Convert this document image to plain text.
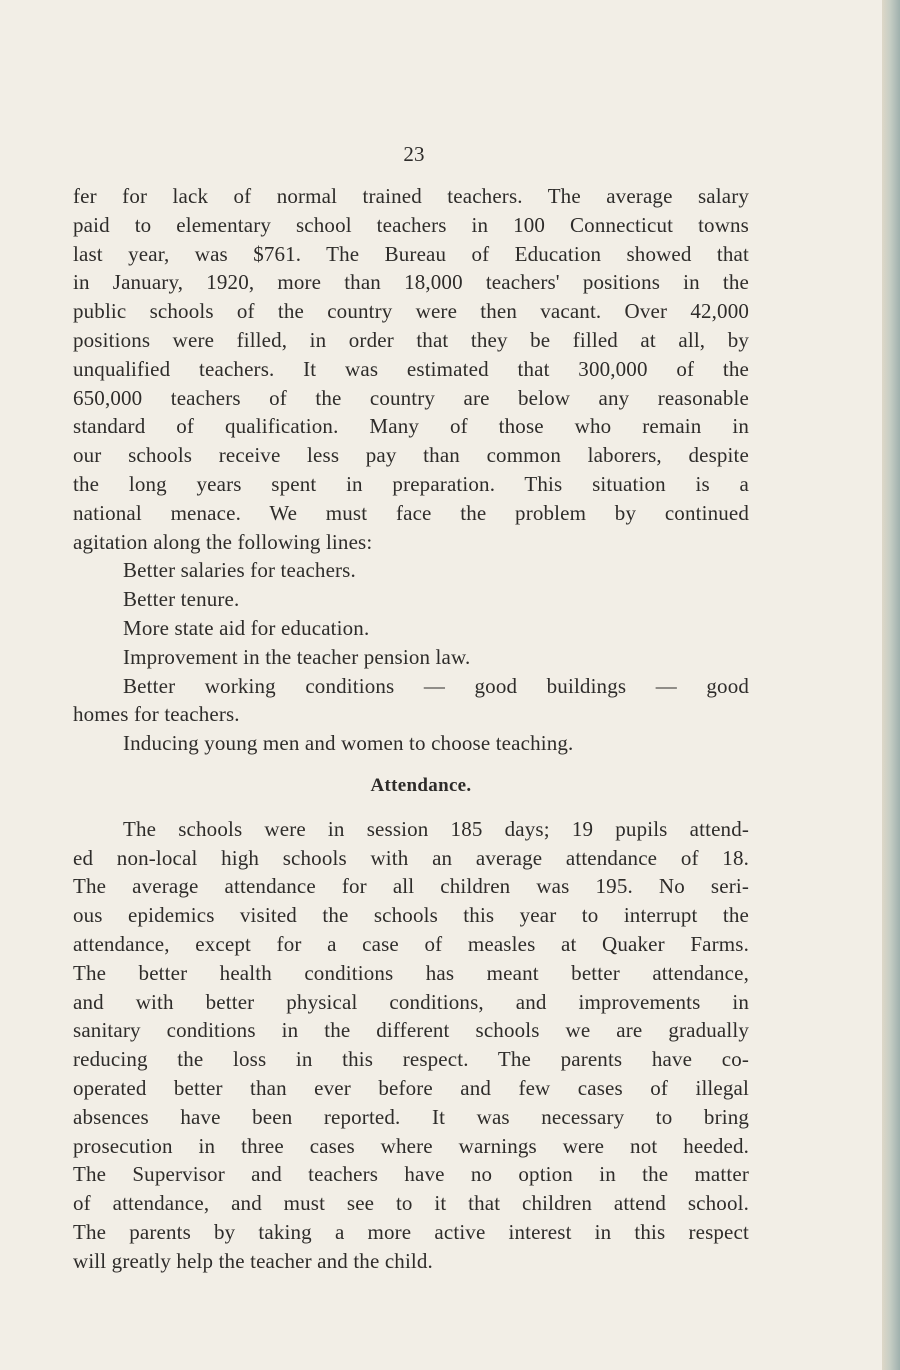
23
fer for lack of normal trained teachers. The average salary
paid to elementary school teachers in 100 Connecticut towns
last year, was $761. The Bureau of Education showed that
in January, 1920, more than 18,000 teachers' positions in the
public schools of the country were then vacant. Over 42,000
positions were filled, in order that they be filled at all, by
unqualified teachers. It was estimated that 300,000 of the
650,000 teachers of the country are below any reasonable
standard of qualification. Many of those who remain in
our schools receive less pay than common laborers, despite
the long years spent in preparation. This situation is a
national menace. We must face the problem by continued
agitation along the following lines:
Better salaries for teachers.
Better tenure.
More state aid for education.
Improvement in the teacher pension law.
Better working conditions — good buildings — good
homes for teachers.
Inducing young men and women to choose teaching.
Attendance.
The schools were in session 185 days; 19 pupils attend-
ed non-local high schools with an average attendance of 18.
The average attendance for all children was 195. No seri-
ous epidemics visited the schools this year to interrupt the
attendance, except for a case of measles at Quaker Farms.
The better health conditions has meant better attendance,
and with better physical conditions, and improvements in
sanitary conditions in the different schools we are gradually
reducing the loss in this respect. The parents have co-
operated better than ever before and few cases of illegal
absences have been reported. It was necessary to bring
prosecution in three cases where warnings were not heeded.
The Supervisor and teachers have no option in the matter
of attendance, and must see to it that children attend school.
The parents by taking a more active interest in this respect
will greatly help the teacher and the child.
